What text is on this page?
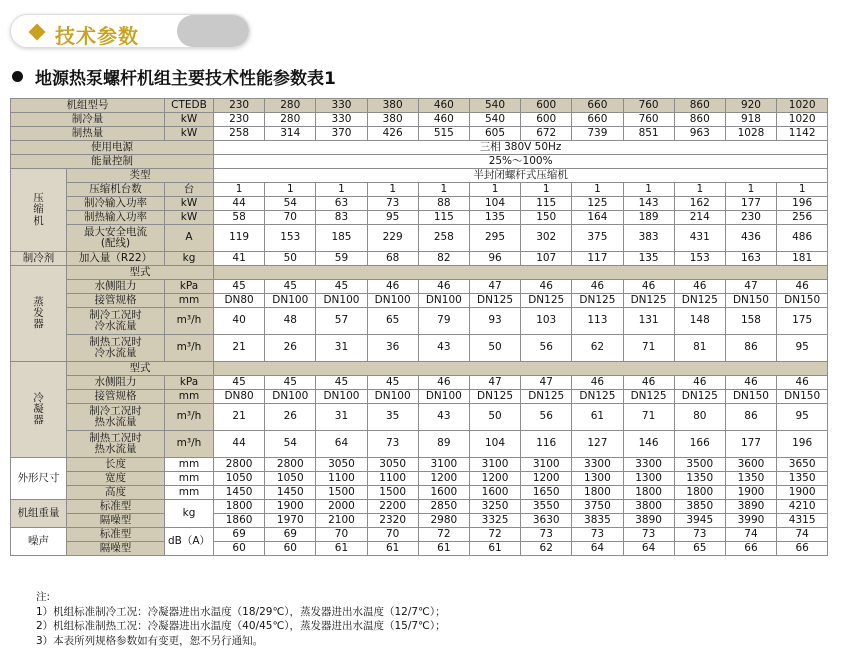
技术参数
地源热泵螺杆机组主要技术性能参数表1
机组型号		CTEDB	230	280	330	380	460	540	600	660	760	860	920	1020
制冷量		kW	230	280	330	380	460	540	600	660	760	860	918	1020
制热量		kW	258	314	370	426	515	605	672	739	851	963	1028	1142
使用电源			三相 380V 50Hz											
能量控制			25%～100%											
压
缩
机	类型		半封闭螺杆式压缩机											
	压缩机台数	台	1	1	1	1	1	1	1	1	1	1	1	1
	制冷输入功率	kW	44	54	63	73	88	104	115	125	143	162	177	196
	制热输入功率	kW	58	70	83	95	115	135	150	164	189	214	230	256
	最大安全电流
(配线)	A	119	153	185	229	258	295	302	375	383	431	436	486
制冷剂	加入量（R22）	kg	41	50	59	68	82	96	107	117	135	153	163	181
蒸
发
器	型式													
	水侧阻力	kPa	45	45	45	46	46	47	46	46	46	46	47	46
	接管规格	mm	DN80	DN100	DN100	DN100	DN100	DN125	DN125	DN125	DN125	DN125	DN150	DN150
	制冷工况时
冷水流量	m³/h	40	48	57	65	79	93	103	113	131	148	158	175
	制热工况时
冷水流量	m³/h	21	26	31	36	43	50	56	62	71	81	86	95
冷
凝
器	型式													
	水侧阻力	kPa	45	45	45	45	46	47	47	46	46	46	46	46
	接管规格	mm	DN80	DN100	DN100	DN100	DN100	DN125	DN125	DN125	DN125	DN125	DN150	DN150
	制冷工况时
热水流量	m³/h	21	26	31	35	43	50	56	61	71	80	86	95
	制热工况时
热水流量	m³/h	44	54	64	73	89	104	116	127	146	166	177	196
外形尺寸	长度	mm	2800	2800	3050	3050	3100	3100	3100	3300	3300	3500	3600	3650
	宽度	mm	1050	1050	1100	1100	1200	1200	1200	1300	1300	1350	1350	1350
	高度	mm	1450	1450	1500	1500	1600	1600	1650	1800	1800	1800	1900	1900
机组重量	标准型	kg	1800	1900	2000	2200	2850	3250	3550	3750	3800	3850	3890	4210
	隔噪型		1860	1970	2100	2320	2980	3325	3630	3835	3890	3945	3990	4315
噪声	标准型	dB（A）	69	69	70	70	72	72	73	73	73	73	74	74
	隔噪型		60	60	61	61	61	61	62	64	64	65	66	66
注:
1）机组标准制冷工况：冷凝器进出水温度（18/29℃），蒸发器进出水温度（12/7℃）；
2）机组标准制热工况：冷凝器进出水温度（40/45℃），蒸发器进出水温度（15/7℃）；
3）本表所列规格参数如有变更，恕不另行通知。
